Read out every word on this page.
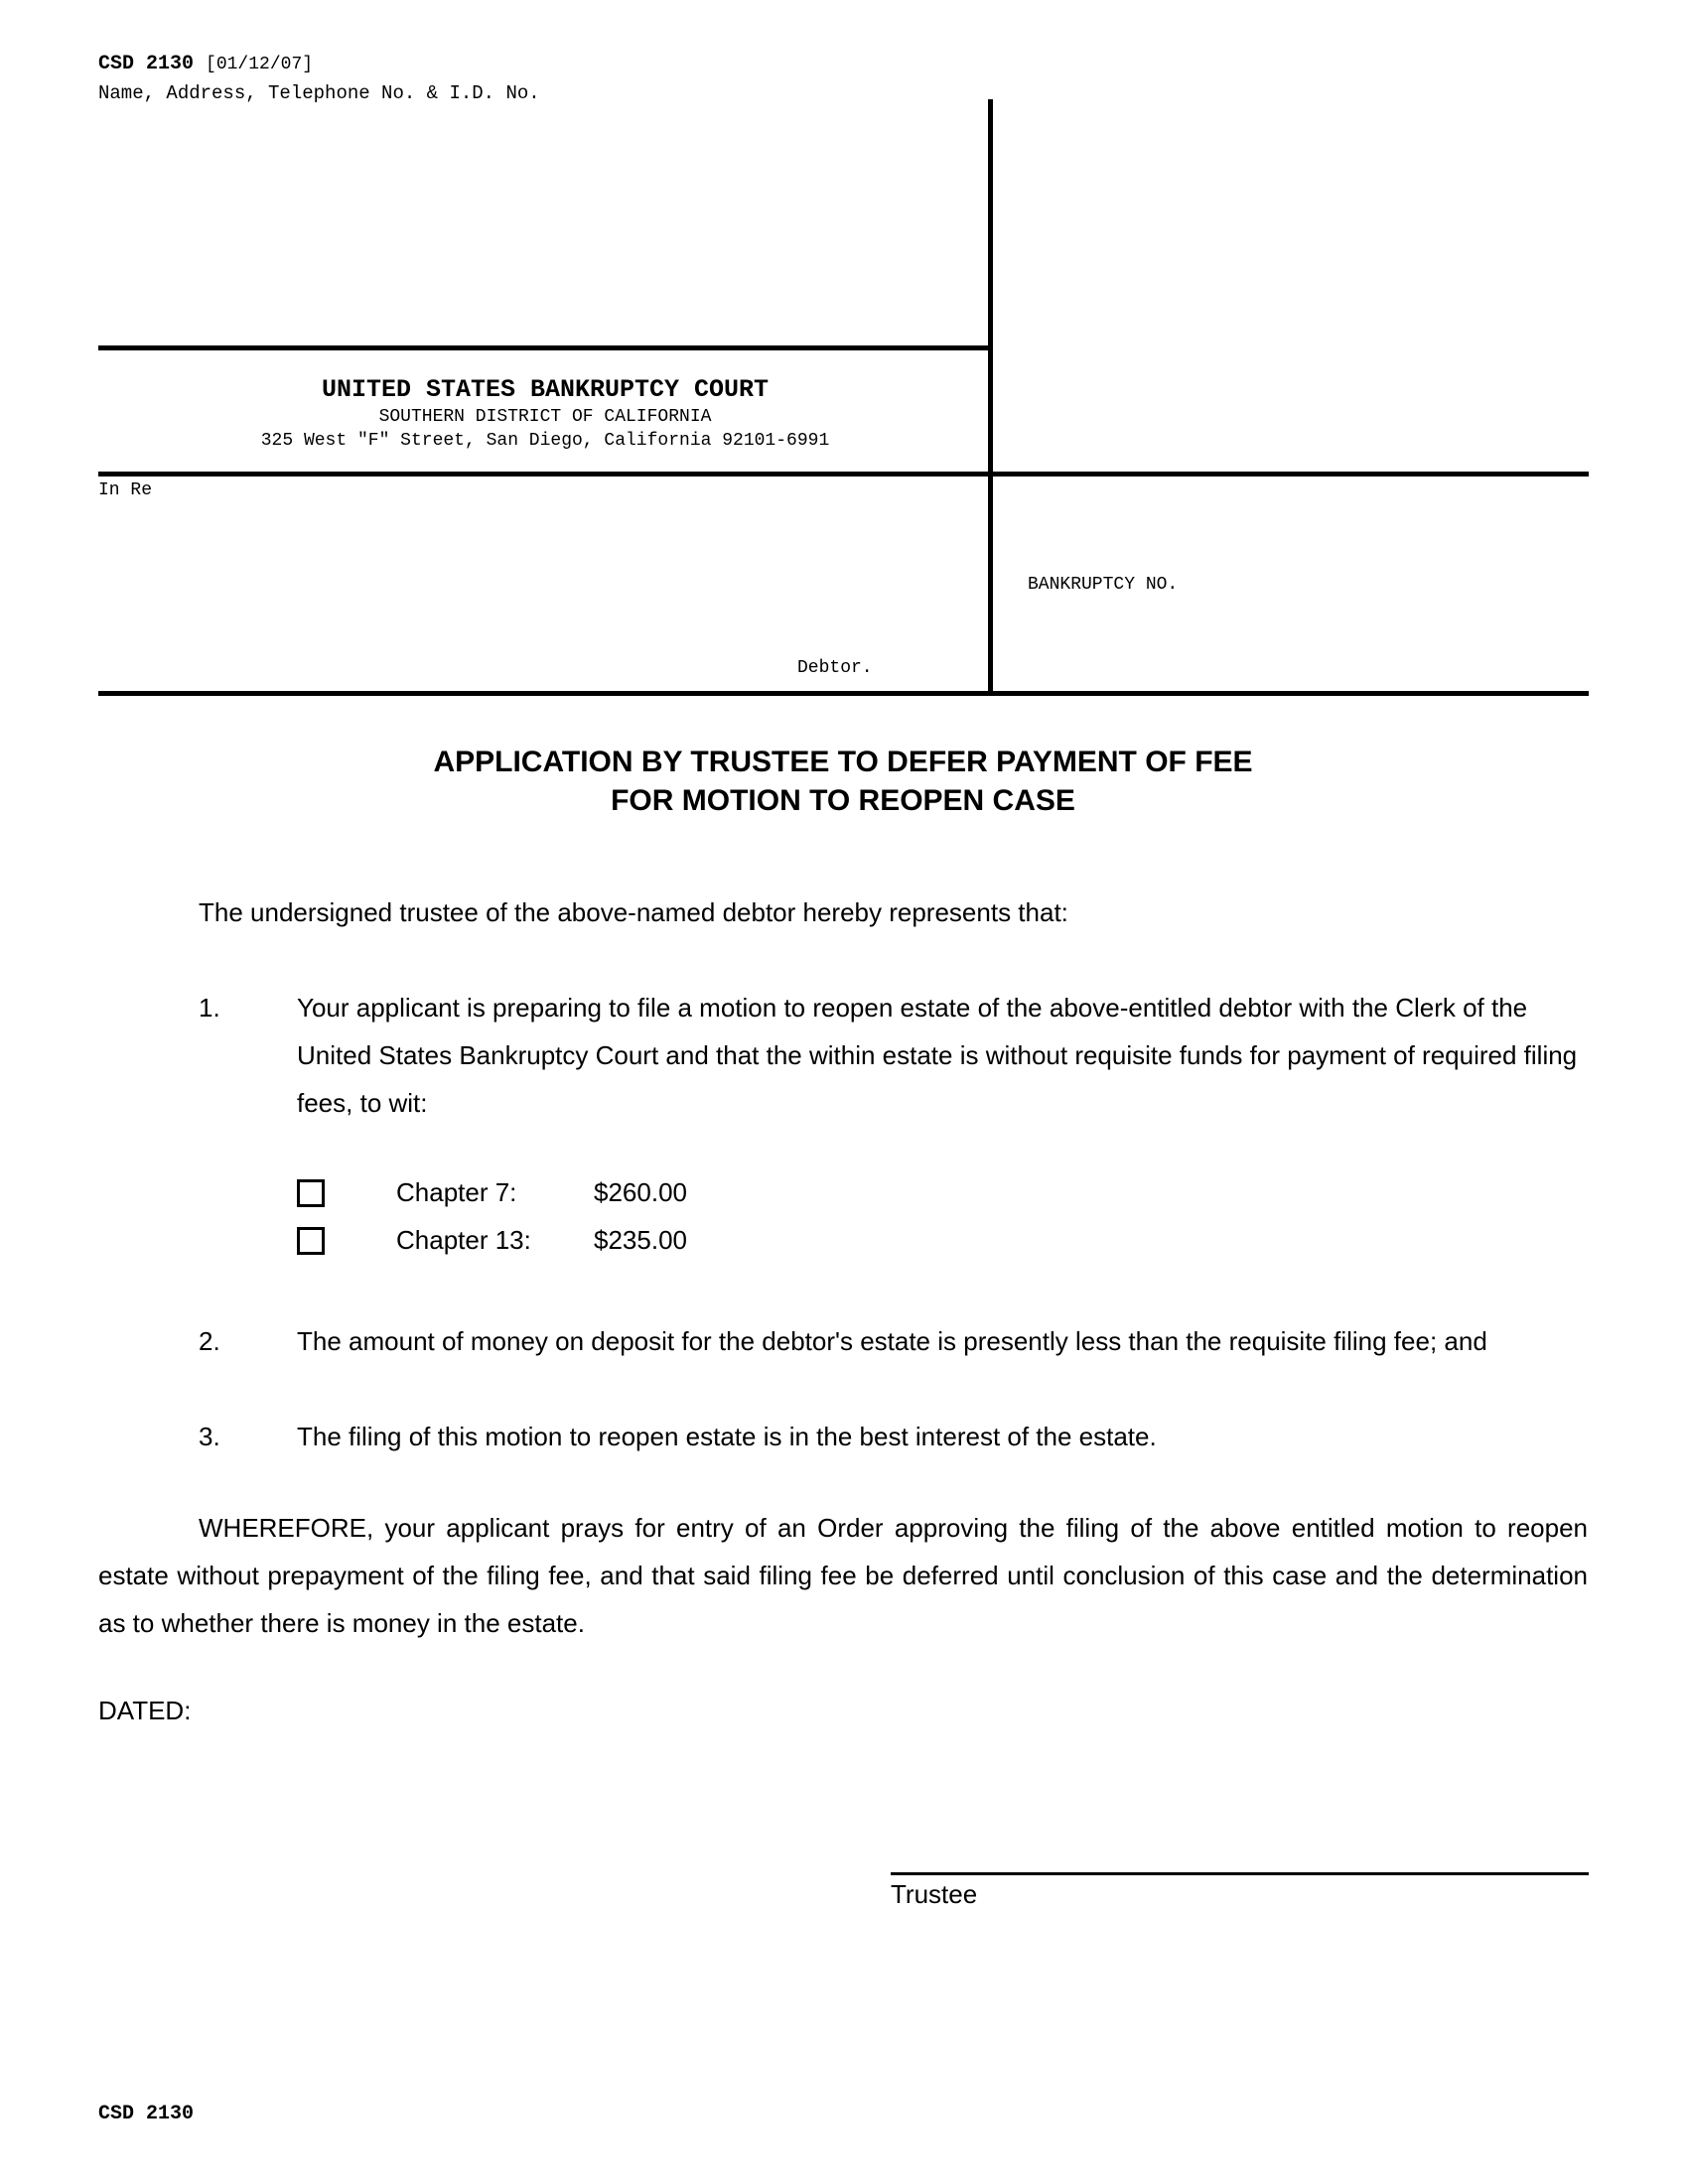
CSD 2130 [01/12/07]
Name, Address, Telephone No. & I.D. No.
UNITED STATES BANKRUPTCY COURT
SOUTHERN DISTRICT OF CALIFORNIA
325 West "F" Street, San Diego, California 92101-6991
In Re
Debtor.
BANKRUPTCY NO.
APPLICATION BY TRUSTEE TO DEFER PAYMENT OF FEE
FOR MOTION TO REOPEN CASE
The undersigned trustee of the above-named debtor hereby represents that:
1.	Your applicant is preparing to file a motion to reopen estate of the above-entitled debtor with the Clerk of the United States Bankruptcy Court and that the within estate is without requisite funds for payment of required filing fees, to wit:
Chapter 7:	$260.00
Chapter 13: $235.00
2.	The amount of money on deposit for the debtor's estate is presently less than the requisite filing fee; and
3.	The filing of this motion to reopen estate is in the best interest of the estate.
WHEREFORE, your applicant prays for entry of an Order approving the filing of the above entitled motion to reopen estate without prepayment of the filing fee, and that said filing fee be deferred until conclusion of this case and the determination as to whether there is money in the estate.
DATED:
Trustee
CSD 2130
